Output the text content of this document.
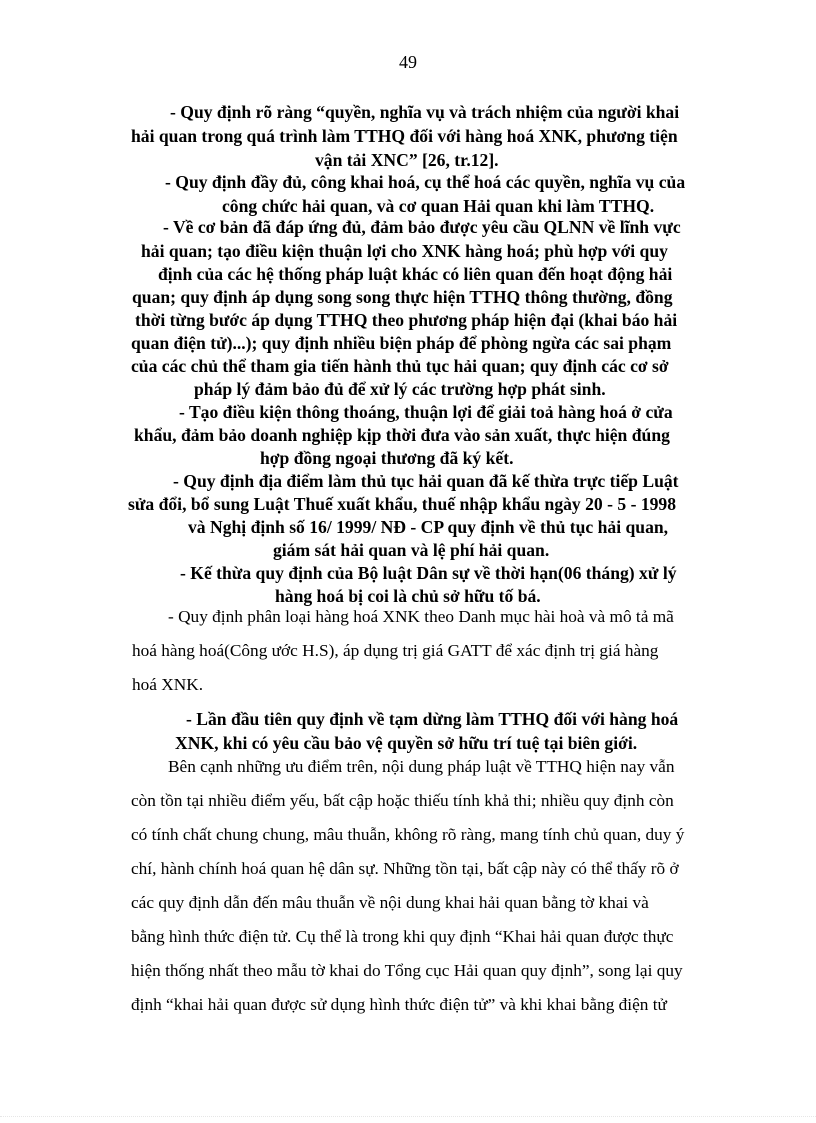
49
- Quy định rõ ràng “quyền, nghĩa vụ và trách nhiệm của người khai
hải quan trong quá trình làm TTHQ đối với hàng hoá XNK, phương tiện
vận tải XNC” [26, tr.12].
- Quy định đầy đủ, công khai hoá, cụ thể hoá các quyền, nghĩa vụ của
công chức hải quan, và cơ quan Hải quan khi làm TTHQ.
- Về cơ bản đã đáp ứng đủ, đảm bảo được yêu cầu QLNN về lĩnh vực
hải quan; tạo điều kiện thuận lợi cho XNK hàng hoá; phù hợp với quy
định của các hệ thống pháp luật khác có liên quan đến hoạt động hải
quan; quy định áp dụng song song thực hiện TTHQ thông thường, đồng
thời từng bước áp dụng TTHQ theo phương pháp hiện đại (khai báo hải
quan điện tử)...); quy định nhiều biện pháp để phòng ngừa các sai phạm
của các chủ thể tham gia tiến hành thủ tục hải quan; quy định các cơ sở
pháp lý đảm bảo đủ để xử lý các trường hợp phát sinh.
- Tạo điều kiện thông thoáng, thuận lợi để giải toả hàng hoá ở cửa
khẩu, đảm bảo doanh nghiệp kịp thời đưa vào sản xuất, thực hiện đúng
hợp đồng ngoại thương đã ký kết.
- Quy định địa điểm làm thủ tục hải quan đã kế thừa trực tiếp Luật
sửa đổi, bổ sung Luật Thuế xuất khẩu, thuế nhập khẩu ngày 20 - 5 - 1998
và Nghị định số 16/ 1999/ NĐ - CP quy định về thủ tục hải quan,
giám sát hải quan và lệ phí hải quan.
- Kế thừa quy định của Bộ luật Dân sự về thời hạn(06 tháng) xử lý
hàng hoá bị coi là chủ sở hữu tố bá.
- Quy định phân loại hàng hoá XNK theo Danh mục hài hoà và mô tả mã
hoá hàng hoá(Công ước H.S), áp dụng trị giá GATT để xác định trị giá hàng
hoá XNK.
- Lần đầu tiên quy định về tạm dừng làm TTHQ đối với hàng hoá
XNK, khi có yêu cầu bảo vệ quyền sở hữu trí tuệ tại biên giới.
Bên cạnh những ưu điểm trên, nội dung pháp luật về TTHQ hiện nay vẫn
còn tồn tại nhiều điểm yếu, bất cập hoặc thiếu tính khả thi; nhiều quy định còn
có tính chất chung chung, mâu thuẫn, không rõ ràng, mang tính chủ quan, duy ý
chí, hành chính hoá quan hệ dân sự. Những tồn tại, bất cập này có thể thấy rõ ở
các quy định dẫn đến mâu thuẫn về nội dung khai hải quan bằng tờ khai và
bằng hình thức điện tử. Cụ thể là trong khi quy định “Khai hải quan được thực
hiện thống nhất theo mẫu tờ khai do Tổng cục Hải quan quy định”, song lại quy
định “khai hải quan được sử dụng hình thức điện tử” và khi khai bằng điện tử
